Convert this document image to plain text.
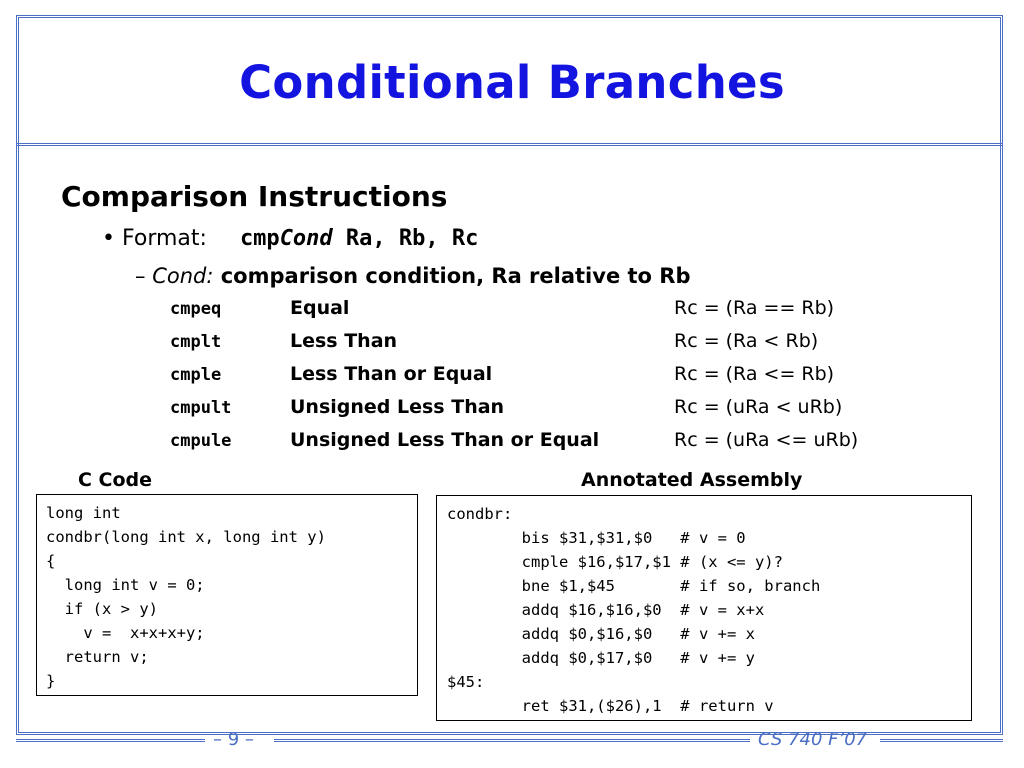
Conditional Branches
Comparison Instructions
• Format: cmpCond Ra, Rb, Rc
– Cond: comparison condition, Ra relative to Rb
cmpeq	Equal	Rc = (Ra == Rb)
cmplt	Less Than	Rc = (Ra < Rb)
cmple	Less Than or Equal	Rc = (Ra <= Rb)
cmpult	Unsigned Less Than	Rc = (uRa < uRb)
cmpule	Unsigned Less Than or Equal	Rc = (uRa <= uRb)
C Code	Annotated Assembly
long int
condbr(long int x, long int y)
{
long int v = 0;
if (x > y)
v =  x+x+x+y;
return v;
}
condbr:
bis $31,$31,$0   # v = 0
cmple $16,$17,$1 # (x <= y)?
bne $1,$45       # if so, branch
addq $16,$16,$0  # v = x+x
addq $0,$16,$0   # v += x
addq $0,$17,$0   # v += y
$45:
ret $31,($26),1  # return v
– 9 –	CS 740 F’07
